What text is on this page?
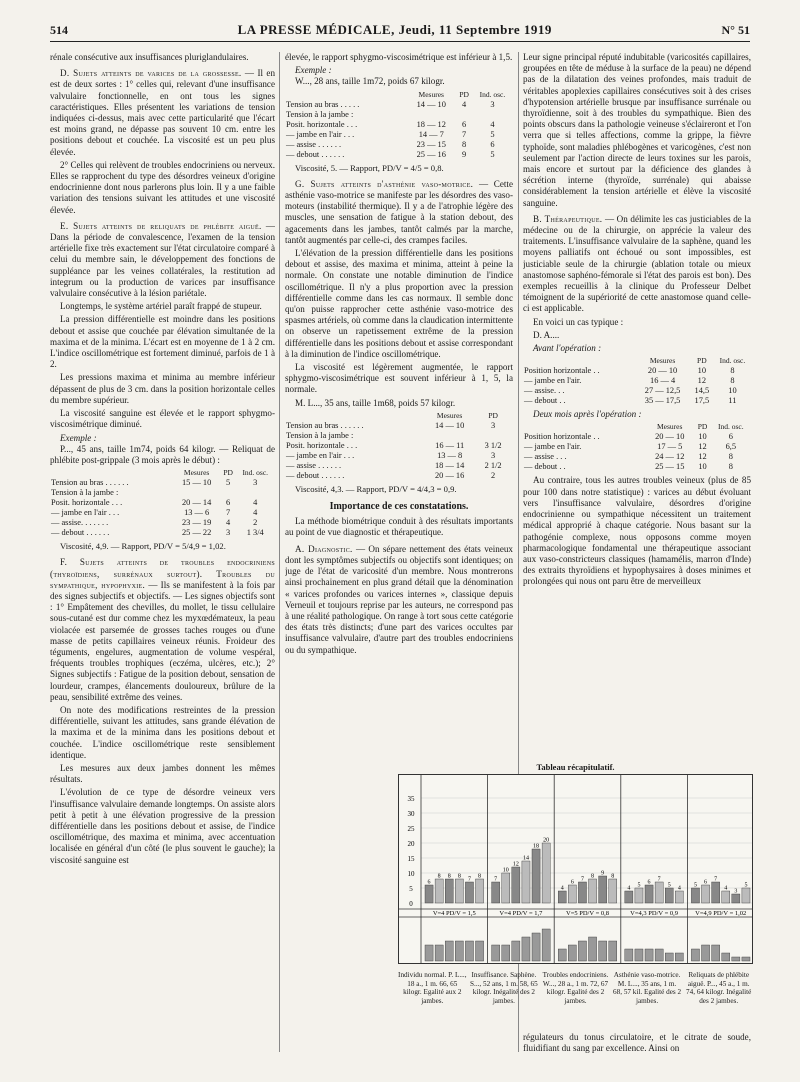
514	LA PRESSE MÉDICALE, Jeudi, 11 Septembre 1919	N° 51

rénale consécutive aux insuffisances pluriglandulaires.

D. Sujets atteints de varices de la grossesse. — Il en est de deux sortes : 1° celles qui, relevant d'une insuffisance valvulaire fonctionnelle, en ont tous les signes caractéristiques. Elles présentent les variations de tension indiquées ci-dessus, mais avec cette particularité que l'écart est moins grand, ne dépasse pas souvent 10 cm. entre les positions debout et couchée. La viscosité est un peu plus élevée.

2° Celles qui relèvent de troubles endocriniens ou nerveux. Elles se rapprochent du type des désordres veineux d'origine endocrinienne dont nous parlerons plus loin. Il y a une faible variation des tensions suivant les attitudes et une viscosité élevée.

E. Sujets atteints de reliquats de phlébite aiguë. — Dans la période de convalescence, l'examen de la tension artérielle fixe très exactement sur l'état circulatoire comparé à celui du membre sain, le développement des fonctions de suppléance par les veines collatérales, la restitution ad integrum ou la production de varices par insuffisance valvulaire consécutive à la lésion pariétale.

Longtemps, le système artériel paraît frappé de stupeur.

La pression différentielle est moindre dans les positions debout et assise que couchée par élévation simultanée de la maxima et de la minima. L'écart est en moyenne de 1 à 2 cm. L'indice oscillométrique est fortement diminué, parfois de 1 à 2.

Les pressions maxima et minima au membre inférieur dépassent de plus de 3 cm. dans la position horizontale celles du membre supérieur.

La viscosité sanguine est élevée et le rapport sphygmo-viscosimétrique diminué.

Exemple :

P..., 45 ans, taille 1m74, poids 64 kilogr. — Reliquat de phlébite post-grippale (3 mois après le début) :

	Mesures	PD	Ind. osc.
Tension au bras . . . . . .	15 — 10	5	3
Tension à la jambe :			
Posit. horizontale . . .	20 — 14	6	4
— jambe en l'air . . .	13 — 6	7	4
— assise. . . . . . .	23 — 19	4	2
— debout . . . . . .	25 — 22	3	1 3/4
Viscosité, 4,9. — Rapport, PD/V = 5/4,9 = 1,02.

F. Sujets atteints de troubles endocriniens (thyroïdiens, surrénaux surtout). Troubles du sympathique, hypophyxie. — Ils se manifestent à la fois par des signes subjectifs et objectifs. — Les signes objectifs sont : 1° Empâtement des chevilles, du mollet, le tissu cellulaire sous-cutané est dur comme chez les myxœdémateux, la peau violacée est parsemée de grosses taches rouges ou d'une masse de petits capillaires veineux réunis. Froideur des téguments, engelures, augmentation de volume vespéral, fréquents troubles trophiques (eczéma, ulcères, etc.); 2° Signes subjectifs : Fatigue de la position debout, sensation de lourdeur, crampes, élancements douloureux, brûlure de la peau, sensibilité extrême des veines.

On note des modifications restreintes de la pression différentielle, suivant les attitudes, sans grande élévation de la maxima et de la minima dans les positions debout et couchée. L'indice oscillométrique reste sensiblement identique.

Les mesures aux deux jambes donnent les mêmes résultats.

L'évolution de ce type de désordre veineux vers l'insuffisance valvulaire demande longtemps. On assiste alors petit à petit à une élévation progressive de la pression différentielle dans les positions debout et assise, de l'indice oscillométrique, des maxima et minima, avec accentuation localisée en général d'un côté (le plus souvent le gauche); la viscosité sanguine est

élevée, le rapport sphygmo-viscosimétrique est inférieur à 1,5.

Exemple :

W..., 28 ans, taille 1m72, poids 67 kilogr.

	Mesures	PD	Ind. osc.
Tension au bras . . . . .	14 — 10	4	3
Tension à la jambe :			
Posit. horizontale . . .	18 — 12	6	4
— jambe en l'air . . .	14 — 7	7	5
— assise . . . . . .	23 — 15	8	6
— debout . . . . . .	25 — 16	9	5
Viscosité, 5. — Rapport, PD/V = 4/5 = 0,8.

G. Sujets atteints d'asthénie vaso-motrice. — Cette asthénie vaso-motrice se manifeste par les désordres des vaso-moteurs (instabilité thermique). Il y a de l'atrophie légère des muscles, une sensation de fatigue à la station debout, des agacements dans les jambes, tantôt calmés par la marche, tantôt augmentés par celle-ci, des crampes faciles.

L'élévation de la pression différentielle dans les positions debout et assise, des maxima et minima, atteint à peine la normale. On constate une notable diminution de l'indice oscillométrique. Il n'y a plus proportion avec la pression différentielle comme dans les cas normaux. Il semble donc qu'on puisse rapprocher cette asthénie vaso-motrice des spasmes artériels, où comme dans la claudication intermittente on observe un rapetissement extrême de la pression différentielle dans les positions debout et assise correspondant à la diminution de l'indice oscillométrique.

La viscosité est légèrement augmentée, le rapport sphygmo-viscosimétrique est souvent inférieur à 1, 5, la normale.

M. L..., 35 ans, taille 1m68, poids 57 kilogr.

	Mesures	PD	
Tension au bras . . . . . .	14 — 10	3	
Tension à la jambe :			
Posit. horizontale . . .	16 — 11	3 1/2	
— jambe en l'air . . .	13 — 8	3	
— assise . . . . . .	18 — 14	2 1/2	
— debout . . . . . .	20 — 16	2	
Viscosité, 4,3. — Rapport, PD/V = 4/4,3 = 0,9.
Importance de ces constatations.

La méthode biométrique conduit à des résultats importants au point de vue diagnostic et thérapeutique.

A. Diagnostic. — On sépare nettement des états veineux dont les symptômes subjectifs ou objectifs sont identiques; on juge de l'état de varicosité d'un membre. Nous montrerons ainsi prochainement en plus grand détail que la dénomination « varices profondes ou varices internes », classique depuis Verneuil et toujours reprise par les auteurs, ne correspond pas à une réalité pathologique. On range à tort sous cette catégorie des états très distincts; d'une part des varices occultes par insuffisance valvulaire, d'autre part des troubles endocriniens ou du sympathique.

Leur signe principal réputé indubitable (varicosités capillaires, groupées en tête de méduse à la surface de la peau) ne dépend pas de la dilatation des veines profondes, mais traduit de véritables apoplexies capillaires consécutives soit à des crises d'hypotension artérielle brusque par insuffisance surrénale ou thyroïdienne, soit à des troubles du sympathique. Bien des points obscurs dans la pathologie veineuse s'éclaireront et l'on verra que si telles affections, comme la grippe, la fièvre typhoïde, sont maladies phlébogènes et varicogènes, c'est non seulement par l'action directe de leurs toxines sur les parois, mais encore et surtout par la déficience des glandes à sécrétion interne (thyroïde, surrénale) qui abaisse considérablement la tension artérielle et élève la viscosité sanguine.

B. Thérapeutique. — On délimite les cas justiciables de la médecine ou de la chirurgie, on apprécie la valeur des traitements. L'insuffisance valvulaire de la saphène, quand les moyens palliatifs ont échoué ou sont impossibles, est justiciable seule de la chirurgie (ablation totale ou mieux anastomose saphéno-fémorale si l'état des parois est bon). Des exemples recueillis à la clinique du Professeur Delbet témoignent de la supériorité de cette anastomose quand celle-ci est applicable.

En voici un cas typique :

D. A....

Avant l'opération :
	Mesures	PD	Ind. osc.
Position horizontale . .	20 — 10	10	8
— jambe en l'air.	16 — 4	12	8
— assise. . .	27 — 12,5	14,5	10
— debout . .	35 — 17,5	17,5	11
Deux mois après l'opération :
	Mesures	PD	Ind. osc.
Position horizontale . .	20 — 10	10	6
— jambe en l'air.	17 — 5	12	6,5
— assise . . .	24 — 12	12	8
— debout . .	25 — 15	10	8

Au contraire, tous les autres troubles veineux (plus de 85 pour 100 dans notre statistique) : varices au début évoluant vers l'insuffisance valvulaire, désordres d'origine endocrinienne ou sympathique nécessitent un traitement médical approprié à chaque catégorie. Nous basant sur la pathogénie complexe, nous opposons comme moyen pharmacologique fondamental une thérapeutique associant aux vaso-constricteurs classiques (hamamélis, marron d'Inde) des extraits thyroïdiens et hypophysaires à doses minimes et prolongées qui nous ont paru être de merveilleux

Tableau récapitulatif.
35
30
25
20
15
10
5
0
6
8 8 8 7 8
V=4 PD/V = 1,5
7
10
12
14
18
20
V=4 PD/V = 1,7
4
6 7 8 9 8
V=5 PD/V = 0,8
4 5 6 7
5 4
V=4,3 PD/V = 0,9
5 6 7
4 3
5
V=4,9 PD/V = 1,02
Individu normal. P. L..., 18 a., 1 m. 66, 65 kilogr. Egalité aux 2 jambes.
Insuffisance. Saphène. S..., 52 ans, 1 m. 58, 65 kilogr. Inégalité des 2 jambes.
Troubles endocriniens. W..., 28 a., 1 m. 72, 67 kilogr. Egalité des 2 jambes.
Asthénie vaso-motrice. M. L..., 35 ans, 1 m. 68, 57 kil. Egalité des 2 jambes.
Reliquats de phlébite aiguë. P..., 45 a., 1 m. 74, 64 kilogr. Inégalité des 2 jambes.
régulateurs du tonus circulatoire, et le citrate de soude, fluidifiant du sang par excellence. Ainsi on
